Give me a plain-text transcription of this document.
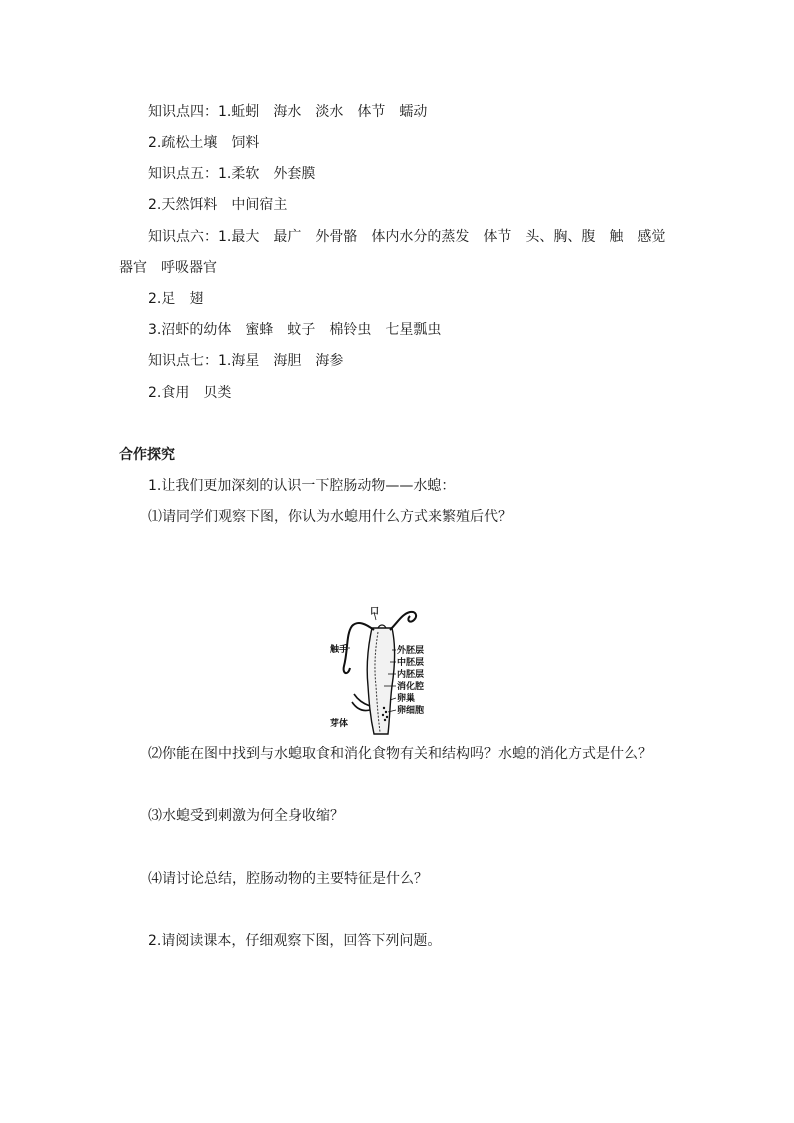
知识点四：1.蚯蚓　海水　淡水　体节　蠕动
2.疏松土壤　饲料
知识点五：1.柔软　外套膜
2.天然饵料　中间宿主
知识点六：1.最大　最广　外骨骼　体内水分的蒸发　体节　头、胸、腹　触　感觉
器官　呼吸器官
2.足　翅
3.沼虾的幼体　蜜蜂　蚊子　棉铃虫　七星瓢虫
知识点七：1.海星　海胆　海参
2.食用　贝类
合作探究
1.让我们更加深刻的认识一下腔肠动物——水螅：
⑴请同学们观察下图，你认为水螅用什么方式来繁殖后代？
口
触手	外胚层
中胚层
内胚层
消化腔
卵巢
卵细胞
芽体
⑵你能在图中找到与水螅取食和消化食物有关和结构吗？水螅的消化方式是什么？
⑶水螅受到刺激为何全身收缩？
⑷请讨论总结，腔肠动物的主要特征是什么？
2.请阅读课本，仔细观察下图，回答下列问题。
